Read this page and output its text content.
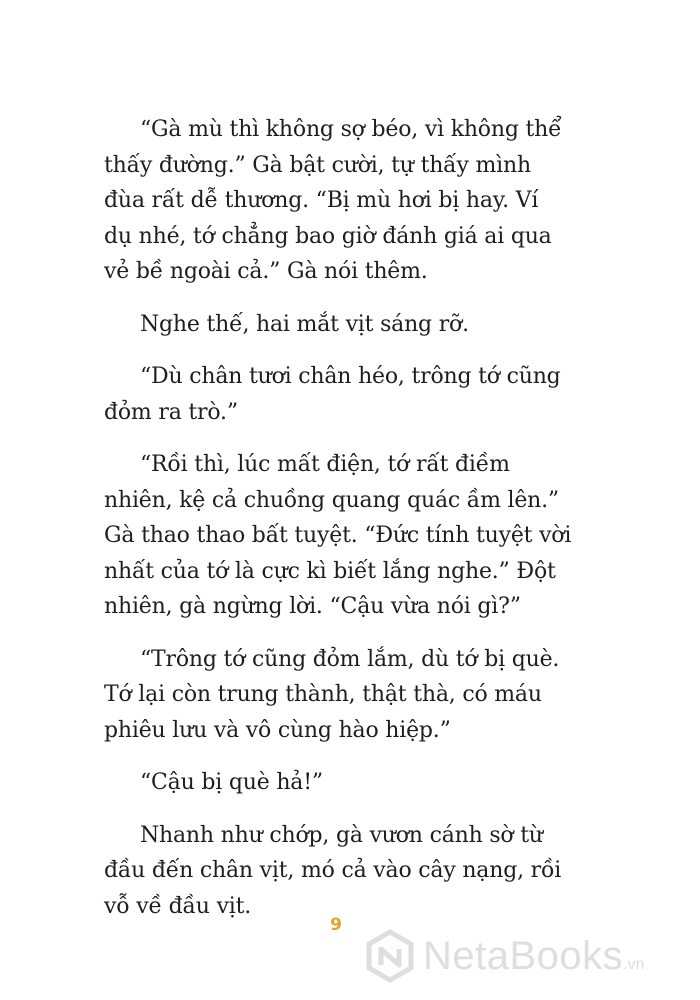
“Gà mù thì không sợ béo, vì không thể
thấy đường.” Gà bật cười, tự thấy mình
đùa rất dễ thương. “Bị mù hơi bị hay. Ví
dụ nhé, tớ chẳng bao giờ đánh giá ai qua
vẻ bề ngoài cả.” Gà nói thêm.

Nghe thế, hai mắt vịt sáng rỡ.

“Dù chân tươi chân héo, trông tớ cũng
đỏm ra trò.”

“Rồi thì, lúc mất điện, tớ rất điềm
nhiên, kệ cả chuồng quang quác ầm lên.”
Gà thao thao bất tuyệt. “Đức tính tuyệt vời
nhất của tớ là cực kì biết lắng nghe.” Đột
nhiên, gà ngừng lời. “Cậu vừa nói gì?”

“Trông tớ cũng đỏm lắm, dù tớ bị què.
Tớ lại còn trung thành, thật thà, có máu
phiêu lưu và vô cùng hào hiệp.”

“Cậu bị què hả!”

Nhanh như chớp, gà vươn cánh sờ từ
đầu đến chân vịt, mó cả vào cây nạng, rồi
vỗ về đầu vịt.

9
NetaBooks .vn
